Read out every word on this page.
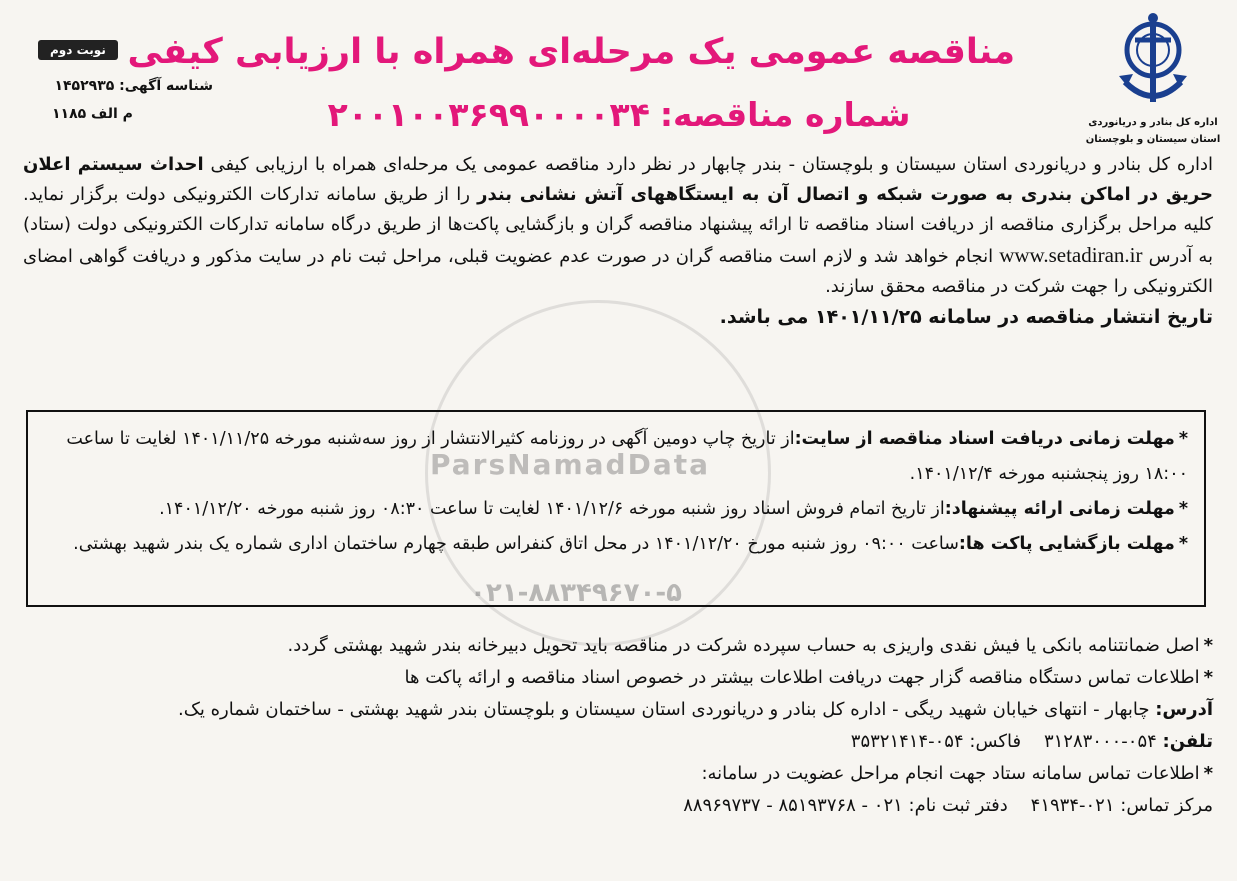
اداره کل بنادر و دریانوردی
استان سیستان و بلوچستان
مناقصه عمومی یک مرحله‌ای همراه با ارزیابی کیفی
شماره مناقصه:۲۰۰۱۰۰۳۶۹۹۰۰۰۰۳۴
نوبت دوم
شناسه آگهی: ۱۴۵۲۹۳۵
م الف ۱۱۸۵

اداره کل بنادر و دریانوردی استان سیستان و بلوچستان - بندر چابهار در نظر دارد مناقصه عمومی یک مرحله‌ای همراه با ارزیابی کیفی احداث سیستم اعلان حریق در اماکن بندری به صورت شبکه و اتصال آن به ایستگاههای آتش نشانی بندر را از طریق سامانه تدارکات الکترونیکی دولت برگزار نماید. کلیه مراحل برگزاری مناقصه از دریافت اسناد مناقصه تا ارائه پیشنهاد مناقصه گران و بازگشایی پاکت‌ها از طریق درگاه سامانه تدارکات الکترونیکی دولت (ستاد) به آدرس www.setadiran.ir انجام خواهد شد و لازم است مناقصه گران در صورت عدم عضویت قبلی، مراحل ثبت نام در سایت مذکور و دریافت گواهی امضای الکترونیکی را جهت شرکت در مناقصه محقق سازند.

تاریخ انتشار مناقصه در سامانه ۱۴۰۱/۱۱/۲۵ می باشد.

ParsNamadData
۰۲۱-۸۸۳۴۹۶۷۰-۵

*مهلت زمانی دریافت اسناد مناقصه از سایت:از تاریخ چاپ دومین آگهی در روزنامه کثیرالانتشار از روز سه‌شنبه مورخه ۱۴۰۱/۱۱/۲۵ لغایت تا ساعت ۱۸:۰۰ روز پنجشنبه مورخه ۱۴۰۱/۱۲/۴.

*مهلت زمانی ارائه پیشنهاد:از تاریخ اتمام فروش اسناد روز شنبه مورخه ۱۴۰۱/۱۲/۶ لغایت تا ساعت ۰۸:۳۰ روز شنبه مورخه ۱۴۰۱/۱۲/۲۰.

*مهلت بازگشایی پاکت ها:ساعت ۰۹:۰۰ روز شنبه مورخ ۱۴۰۱/۱۲/۲۰ در محل اتاق کنفراس طبقه چهارم ساختمان اداری شماره یک بندر شهید بهشتی.

*اصل ضمانتنامه بانکی یا فیش نقدی واریزی به حساب سپرده شرکت در مناقصه باید تحویل دبیرخانه بندر شهید بهشتی گردد.

*اطلاعات تماس دستگاه مناقصه گزار جهت دریافت اطلاعات بیشتر در خصوص اسناد مناقصه و ارائه پاکت ها

آدرس: چابهار - انتهای خیابان شهید ریگی - اداره کل بنادر و دریانوردی استان سیستان و بلوچستان بندر شهید بهشتی - ساختمان شماره یک.

تلفن: ۰۵۴-۳۱۲۸۳۰۰۰    فاکس: ۰۵۴-۳۵۳۲۱۴۱۴

*اطلاعات تماس سامانه ستاد جهت انجام مراحل عضویت در سامانه:

مرکز تماس: ۰۲۱-۴۱۹۳۴    دفتر ثبت نام: ۰۲۱ - ۸۵۱۹۳۷۶۸ - ۸۸۹۶۹۷۳۷
